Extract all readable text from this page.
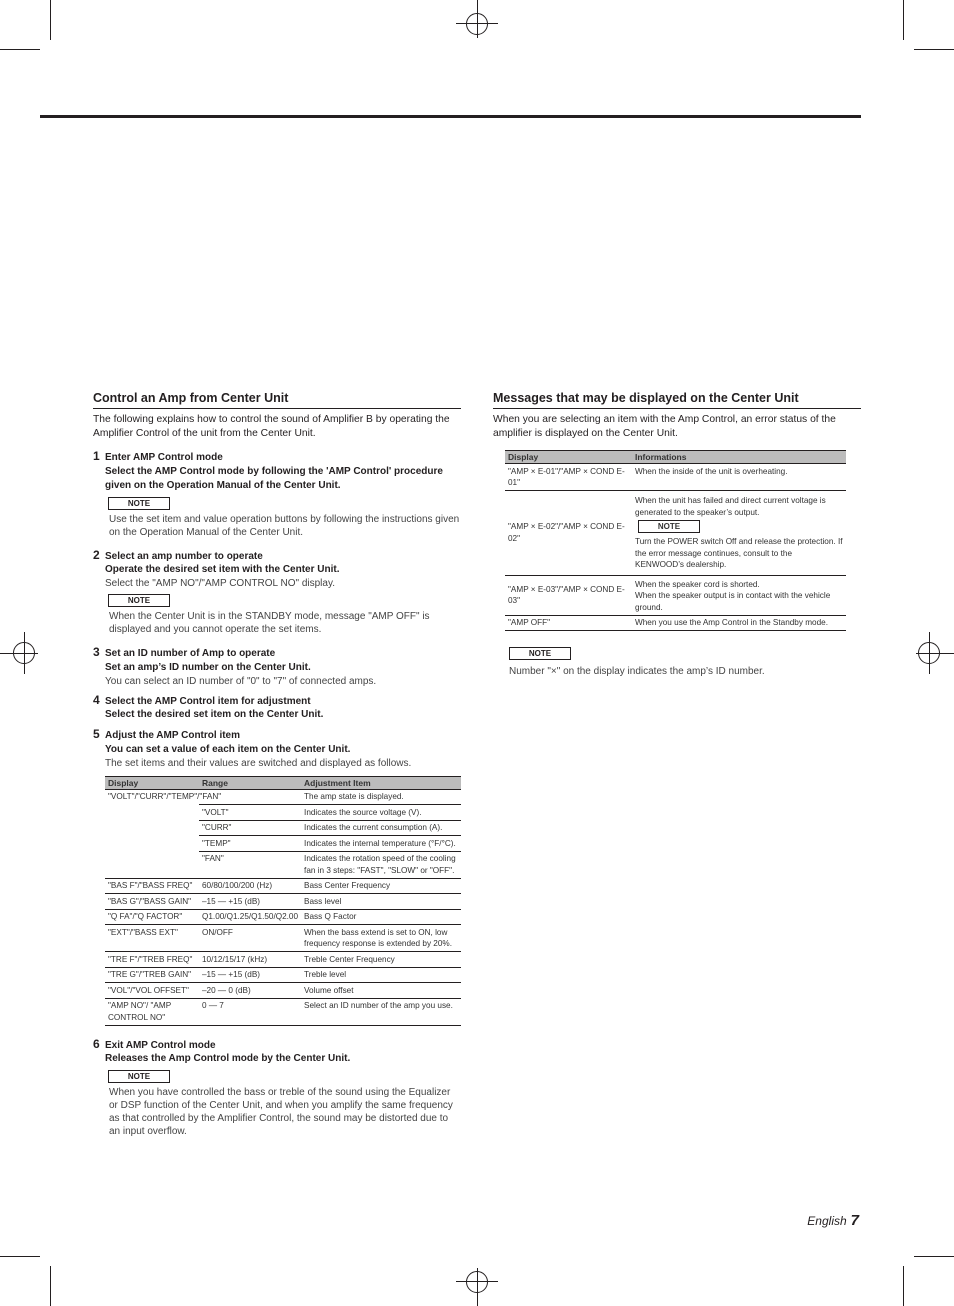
Control an Amp from Center Unit

The following explains how to control the sound of Amplifier B by operating the Amplifier Control of the unit from the Center Unit.

1 Enter AMP Control mode
Select the AMP Control mode by following the 'AMP Control' procedure given on the Operation Manual of the Center Unit.
NOTE
Use the set item and value operation buttons by following the instructions given on the Operation Manual of the Center Unit.
2 Select an amp number to operate
Operate the desired set item with the Center Unit.
Select the "AMP NO"/"AMP CONTROL NO" display.
NOTE
When the Center Unit is in the STANDBY mode, message "AMP OFF" is displayed and you cannot operate the set items.
3 Set an ID number of Amp to operate
Set an amp’s ID number on the Center Unit.
You can select an ID number of "0" to "7" of connected amps.
4 Select the AMP Control item for adjustment
Select the desired set item on the Center Unit.
5 Adjust the AMP Control item
You can set a value of each item on the Center Unit.
The set items and their values are switched and displayed as follows.
Display	Range	Adjustment Item
"VOLT"/"CURR"/"TEMP"/"FAN"		The amp state is displayed.
	"VOLT"	Indicates the source voltage (V).
	"CURR"	Indicates the current consumption (A).
	"TEMP"	Indicates the internal temperature (°F/°C).
	"FAN"	Indicates the rotation speed of the cooling fan in 3 steps: "FAST", "SLOW" or "OFF".
"BAS F"/"BASS FREQ"	60/80/100/200 (Hz)	Bass Center Frequency
"BAS G"/"BASS GAIN"	–15 — +15 (dB)	Bass level
"Q FA"/"Q FACTOR"	Q1.00/Q1.25/Q1.50/Q2.00	Bass Q Factor
"EXT"/"BASS EXT"	ON/OFF	When the bass extend is set to ON, low frequency response is extended by 20%.
"TRE F"/"TREB FREQ"	10/12/15/17 (kHz)	Treble Center Frequency
"TRE G"/"TREB GAIN"	–15 — +15 (dB)	Treble level
"VOL"/"VOL OFFSET"	–20 — 0 (dB)	Volume offset
"AMP NO"/ "AMP CONTROL NO"	0 — 7	Select an ID number of the amp you use.
6 Exit AMP Control mode
Releases the Amp Control mode by the Center Unit.
NOTE
When you have controlled the bass or treble of the sound using the Equalizer or DSP function of the Center Unit, and when you amplify the same frequency as that controlled by the Amplifier Control, the sound may be distorted due to an input overflow.
Messages that may be displayed on the Center Unit

When you are selecting an item with the Amp Control, an error status of the amplifier is displayed on the Center Unit.

Display	Informations
"AMP × E-01"/"AMP × COND E-01"	When the inside of the unit is overheating.
"AMP × E-02"/"AMP × COND E-02"	When the unit has failed and direct current voltage is generated to the speaker’s output.
NOTE
Turn the POWER switch Off and release the protection. If the error message continues, consult to the KENWOOD’s dealership.

"AMP × E-03"/"AMP × COND E-03"	When the speaker cord is shorted.
When the speaker output is in contact with the vehicle ground.

"AMP OFF"	When you use the Amp Control in the Standby mode.
NOTE
Number "×" on the display indicates the amp’s ID number.
English 7
